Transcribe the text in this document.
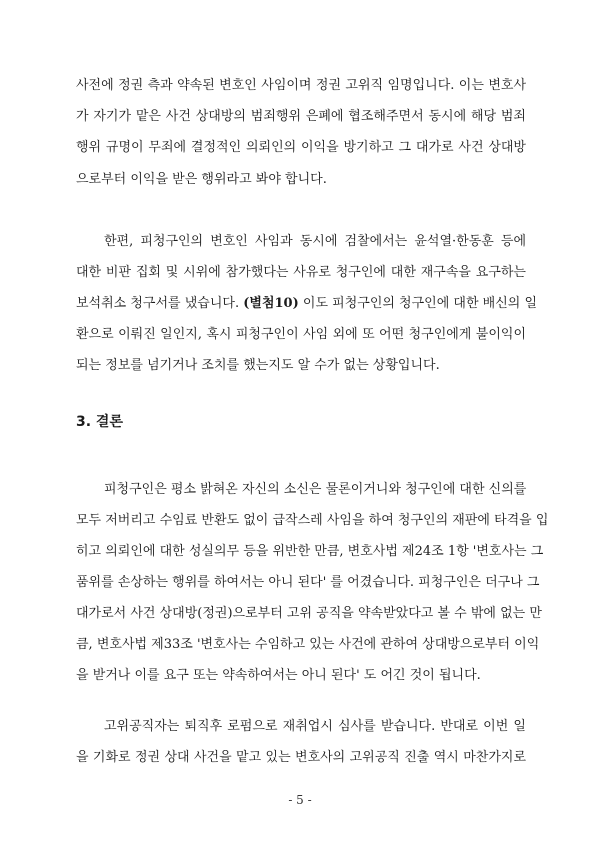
사전에 정권 측과 약속된 변호인 사임이며 정권 고위직 임명입니다. 이는 변호사
가 자기가 맡은 사건 상대방의 범죄행위 은폐에 협조해주면서 동시에 해당 범죄
행위 규명이 무죄에 결정적인 의뢰인의 이익을 방기하고 그 대가로 사건 상대방
으로부터 이익을 받은 행위라고 봐야 합니다.
한편, 피청구인의 변호인 사임과 동시에 검찰에서는 윤석열·한동훈 등에
대한 비판 집회 및 시위에 참가했다는 사유로 청구인에 대한 재구속을 요구하는
보석취소 청구서를 냈습니다. (별첨10) 이도 피청구인의 청구인에 대한 배신의 일
환으로 이뤄진 일인지, 혹시 피청구인이 사임 외에 또 어떤 청구인에게 불이익이
되는 정보를 넘기거나 조치를 했는지도 알 수가 없는 상황입니다.
3. 결론
피청구인은 평소 밝혀온 자신의 소신은 물론이거니와 청구인에 대한 신의를
모두 저버리고 수임료 반환도 없이 급작스레 사임을 하여 청구인의 재판에 타격을 입
히고 의뢰인에 대한 성실의무 등을 위반한 만큼, 변호사법 제24조 1항 '변호사는 그
품위를 손상하는 행위를 하여서는 아니 된다' 를 어겼습니다. 피청구인은 더구나 그
대가로서 사건 상대방(정권)으로부터 고위 공직을 약속받았다고 볼 수 밖에 없는 만
큼, 변호사법 제33조 '변호사는 수임하고 있는 사건에 관하여 상대방으로부터 이익
을 받거나 이를 요구 또는 약속하여서는 아니 된다' 도 어긴 것이 됩니다.
고위공직자는 퇴직후 로펌으로 재취업시 심사를 받습니다. 반대로 이번 일
을 기화로 정권 상대 사건을 맡고 있는 변호사의 고위공직 진출 역시 마찬가지로
- 5 -
